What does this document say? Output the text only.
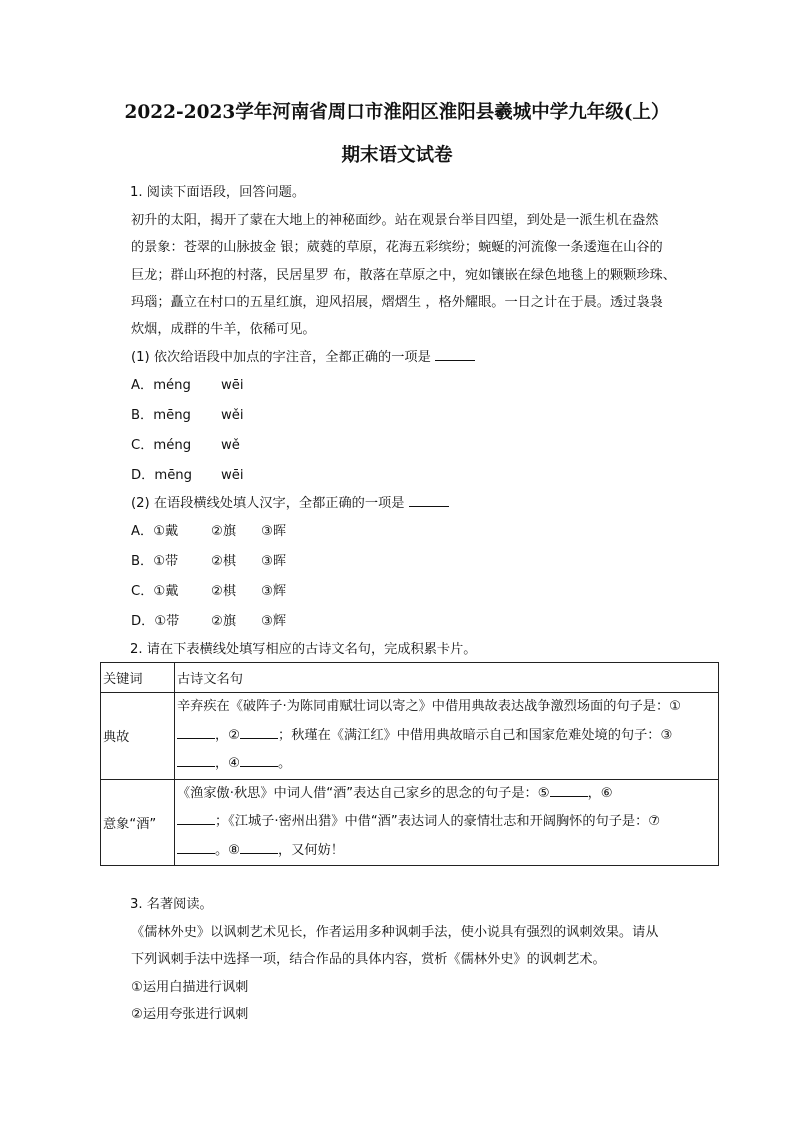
2022-2023学年河南省周口市淮阳区淮阳县羲城中学九年级(上）
期末语文试卷
1. 阅读下面语段，回答问题。
初升的太阳，揭开了蒙在大地上的神秘面纱。站在观景台举目四望，到处是一派生机在盎然
的景象：苍翠的山脉披金 银；葳蕤的草原，花海五彩缤纷；蜿蜒的河流像一条逶迤在山谷的
巨龙；群山环抱的村落，民居星罗 布，散落在草原之中，宛如镶嵌在绿色地毯上的颗颗珍珠、
玛瑙；矗立在村口的五星红旗，迎风招展，熠熠生 ，格外耀眼。一日之计在于晨。透过袅袅
炊烟，成群的牛羊，依稀可见。
(1) 依次给语段中加点的字注音，全都正确的一项是
A．méng wēi
B．mēng wěi
C．méng wě
D．mēng wēi
(2) 在语段横线处填人汉字，全都正确的一项是
A．①戴 ②旗 ③晖
B．①带 ②棋 ③晖
C．①戴 ②棋 ③辉
D．①带 ②旗 ③辉
2. 请在下表横线处填写相应的古诗文名句，完成积累卡片。
关键词	古诗文名句
典故	辛弃疾在《破阵子·为陈同甫赋壮词以寄之》中借用典故表达战争激烈场面的句子是：①
，② ；秋瑾在《满江红》中借用典故暗示自己和国家危难处境的句子：③
，④ 。

意象“酒”	《渔家傲·秋思》中词人借“酒”表达自己家乡的思念的句子是：⑤ ，⑥
；《江城子·密州出猎》中借“酒”表达词人的豪情壮志和开阔胸怀的句子是：⑦
。⑧ ，又何妨！
3. 名著阅读。
《儒林外史》以讽刺艺术见长，作者运用多种讽刺手法，使小说具有强烈的讽刺效果。请从
下列讽刺手法中选择一项，结合作品的具体内容，赏析《儒林外史》的讽刺艺术。
①运用白描进行讽刺
②运用夸张进行讽刺
